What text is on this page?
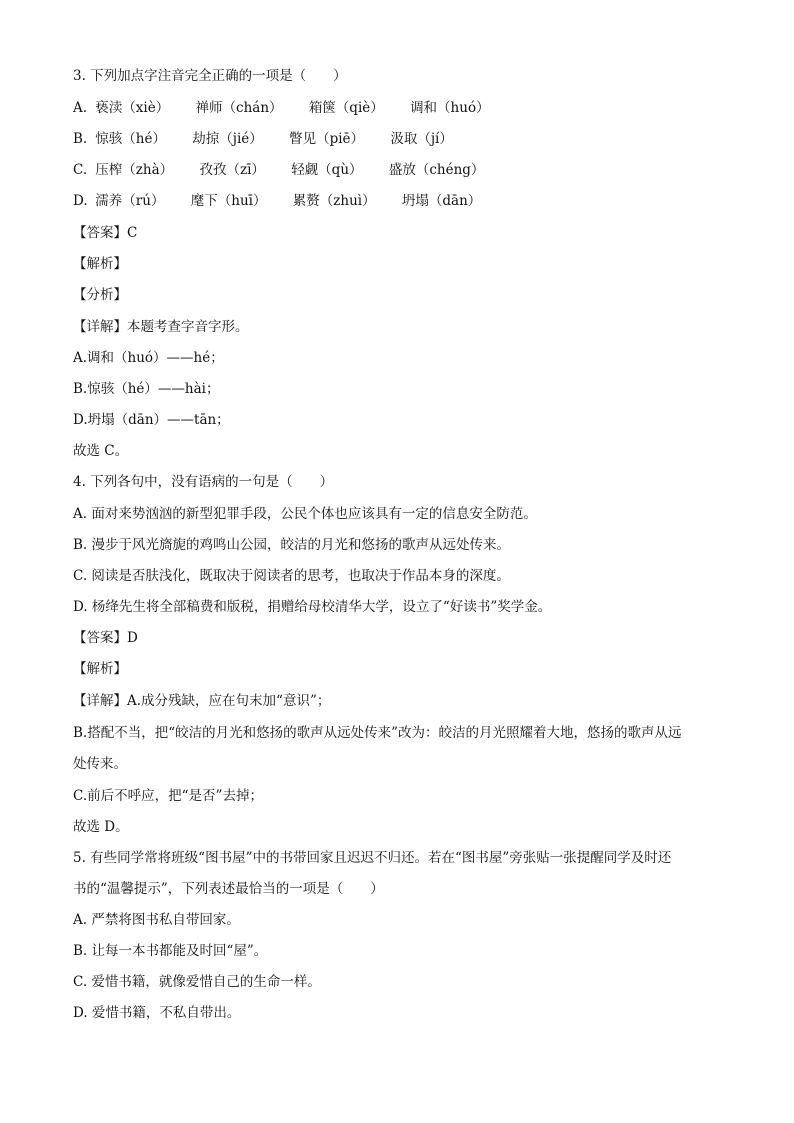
3. 下列加点字注音完全正确的一项是（　　）
A. 亵渎（xiè） 禅师（chán） 箱箧（qiè） 调和（huó）
B. 惊骇（hé） 劫掠（jié） 瞥见（piē） 汲取（jí）
C. 压榨（zhà） 孜孜（zī） 轻觑（qù） 盛放（chéng）
D. 濡养（rú） 麾下（huī） 累赘（zhuì） 坍塌（dān）
【答案】C
【解析】
【分析】
【详解】本题考查字音字形。
A.调和（huó）——hé；
B.惊骇（hé）——hài；
D.坍塌（dān）——tān；
故选 C。
4. 下列各句中，没有语病的一句是（　　）
A. 面对来势汹汹的新型犯罪手段，公民个体也应该具有一定的信息安全防范。
B. 漫步于风光旖旎的鸡鸣山公园，皎洁的月光和悠扬的歌声从远处传来。
C. 阅读是否肤浅化，既取决于阅读者的思考，也取决于作品本身的深度。
D. 杨绛先生将全部稿费和版税，捐赠给母校清华大学，设立了“好读书”奖学金。
【答案】D
【解析】
【详解】A.成分残缺，应在句末加“意识”；
B.搭配不当，把“皎洁的月光和悠扬的歌声从远处传来”改为：皎洁的月光照耀着大地，悠扬的歌声从远
处传来。
C.前后不呼应，把“是否”去掉；
故选 D。
5. 有些同学常将班级“图书屋”中的书带回家且迟迟不归还。若在“图书屋”旁张贴一张提醒同学及时还
书的“温馨提示”，下列表述最恰当的一项是（　　）
A. 严禁将图书私自带回家。
B. 让每一本书都能及时回“屋”。
C. 爱惜书籍，就像爱惜自己的生命一样。
D. 爱惜书籍，不私自带出。
